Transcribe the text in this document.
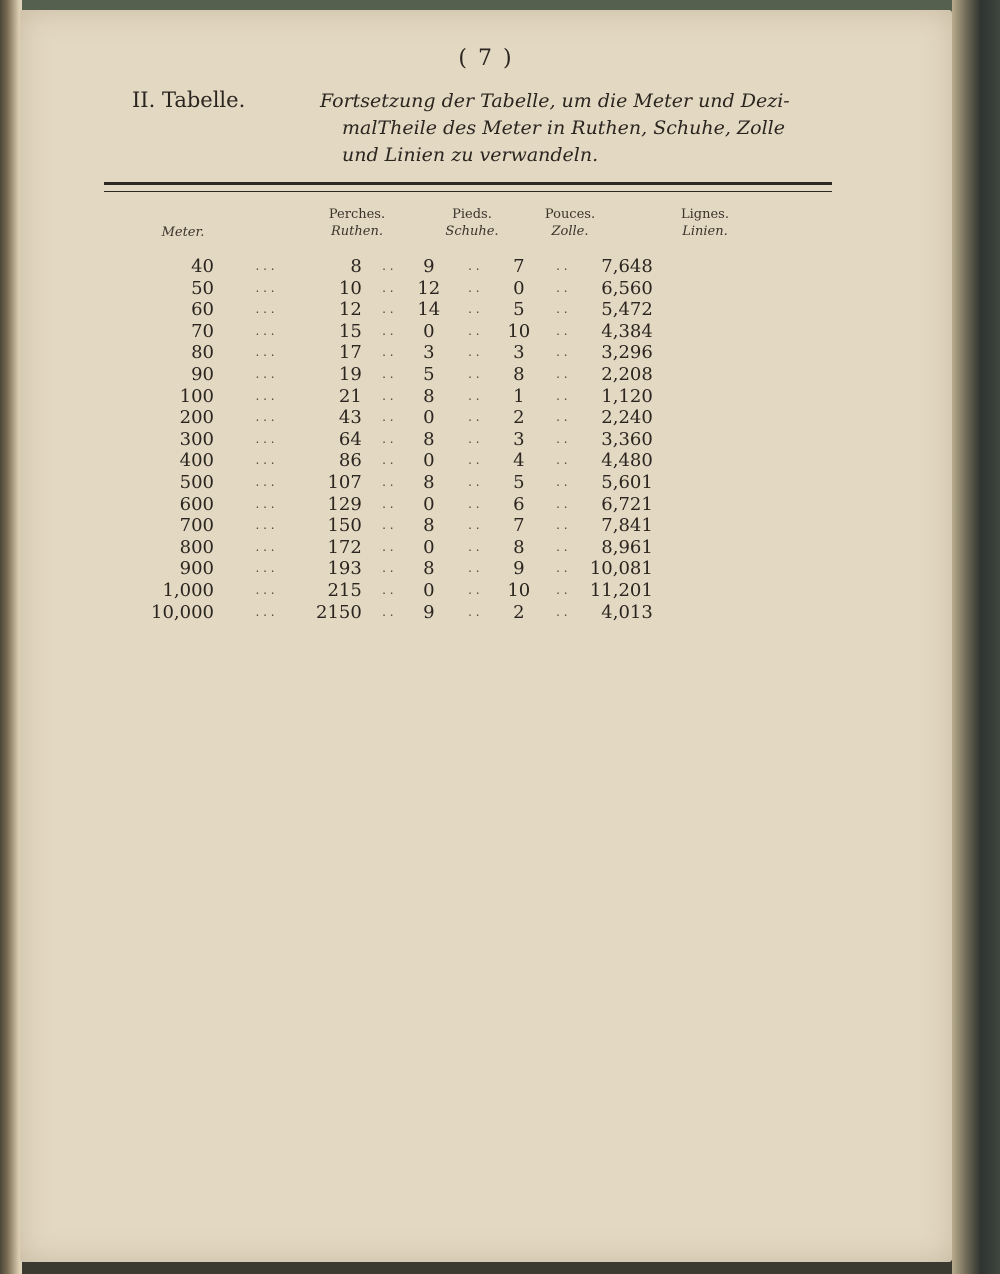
( 7 )
II. Tabelle.	Fortsetzung der Tabelle, um die Meter und Dezi-
malTheile des Meter in Ruthen, Schuhe, Zolle
und Linien zu verwandeln.
Meter.
Perches.
Ruthen.
Pieds.
Schuhe.
Pouces.
Zolle.
Lignes.
Linien.
40	. . .	8	. .	9	. .	7	. .	7,648
50	. . .	10	. .	12	. .	0	. .	6,560
60	. . .	12	. .	14	. .	5	. .	5,472
70	. . .	15	. .	0	. .	10	. .	4,384
80	. . .	17	. .	3	. .	3	. .	3,296
90	. . .	19	. .	5	. .	8	. .	2,208
100	. . .	21	. .	8	. .	1	. .	1,120
200	. . .	43	. .	0	. .	2	. .	2,240
300	. . .	64	. .	8	. .	3	. .	3,360
400	. . .	86	. .	0	. .	4	. .	4,480
500	. . .	107	. .	8	. .	5	. .	5,601
600	. . .	129	. .	0	. .	6	. .	6,721
700	. . .	150	. .	8	. .	7	. .	7,841
800	. . .	172	. .	0	. .	8	. .	8,961
900	. . .	193	. .	8	. .	9	. .	10,081
1,000	. . .	215	. .	0	. .	10	. .	11,201
10,000	. . .	2150	. .	9	. .	2	. .	4,013
